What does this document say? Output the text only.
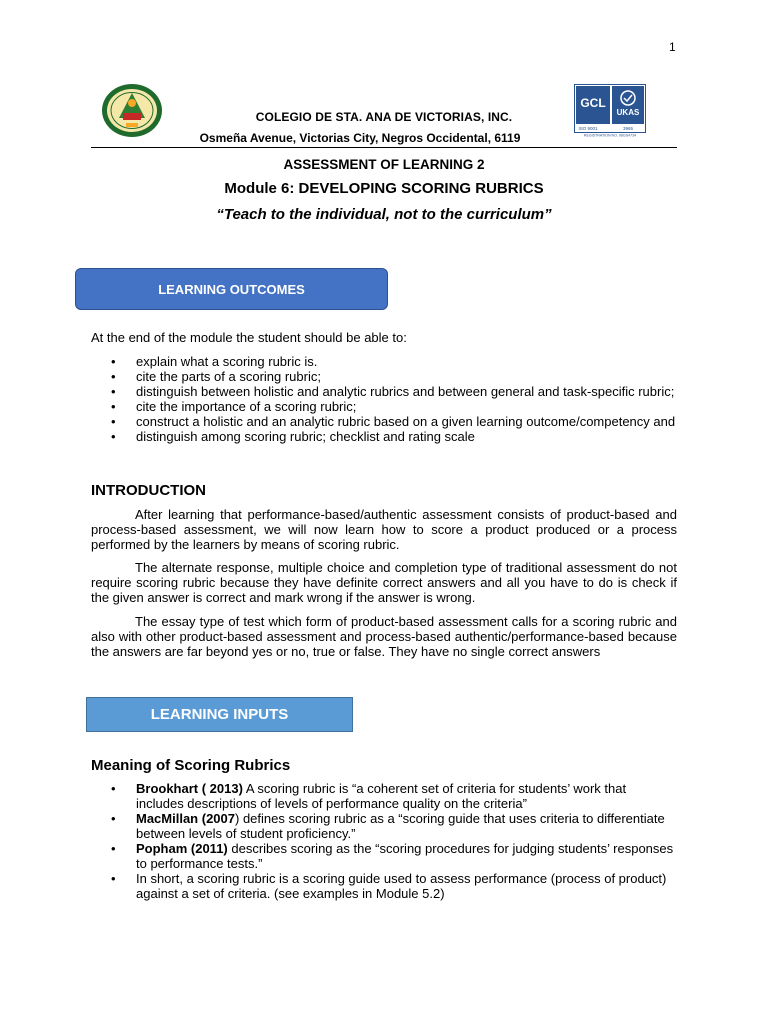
1
COLEGIO DE STA. ANA DE VICTORIAS, INC.
Osmeña Avenue, Victorias City, Negros Occidental, 6119
GCL
UKAS
ISO 9001	3965
REGISTRATION NO. 08GS4734
ASSESSMENT OF LEARNING 2
Module 6: DEVELOPING SCORING RUBRICS
“Teach to the individual, not to the curriculum”
LEARNING OUTCOMES
At the end of the module the student should be able to:
• explain what a scoring rubric is.
• cite the parts of a scoring rubric;
• distinguish between holistic and analytic rubrics and between general and task-specific rubric;
• cite the importance of a scoring rubric;
• construct a holistic and an analytic rubric based on a given learning outcome/competency and
• distinguish among scoring rubric; checklist and rating scale
INTRODUCTION
After learning that performance-based/authentic assessment consists of product-based and process-based assessment, we will now learn how to score a product produced or a process performed by the learners by means of scoring rubric.
The alternate response, multiple choice and completion type of traditional assessment do not require scoring rubric because they have definite correct answers and all you have to do is check if the given answer is correct and mark wrong if the answer is wrong.
The essay type of test which form of product-based assessment calls for a scoring rubric and also with other product-based assessment and process-based authentic/performance-based because the answers are far beyond yes or no, true or false. They have no single correct answers
LEARNING INPUTS
Meaning of Scoring Rubrics
• Brookhart ( 2013) A scoring rubric is “a coherent set of criteria for students’ work that includes descriptions of levels of performance quality on the criteria”
• MacMillan (2007) defines scoring rubric as a “scoring guide that uses criteria to differentiate between levels of student proficiency.”
• Popham (2011) describes scoring as the “scoring procedures for judging students’ responses to performance tests.”
• In short, a scoring rubric is a scoring guide used to assess performance (process of product) against a set of criteria. (see examples in Module 5.2)
